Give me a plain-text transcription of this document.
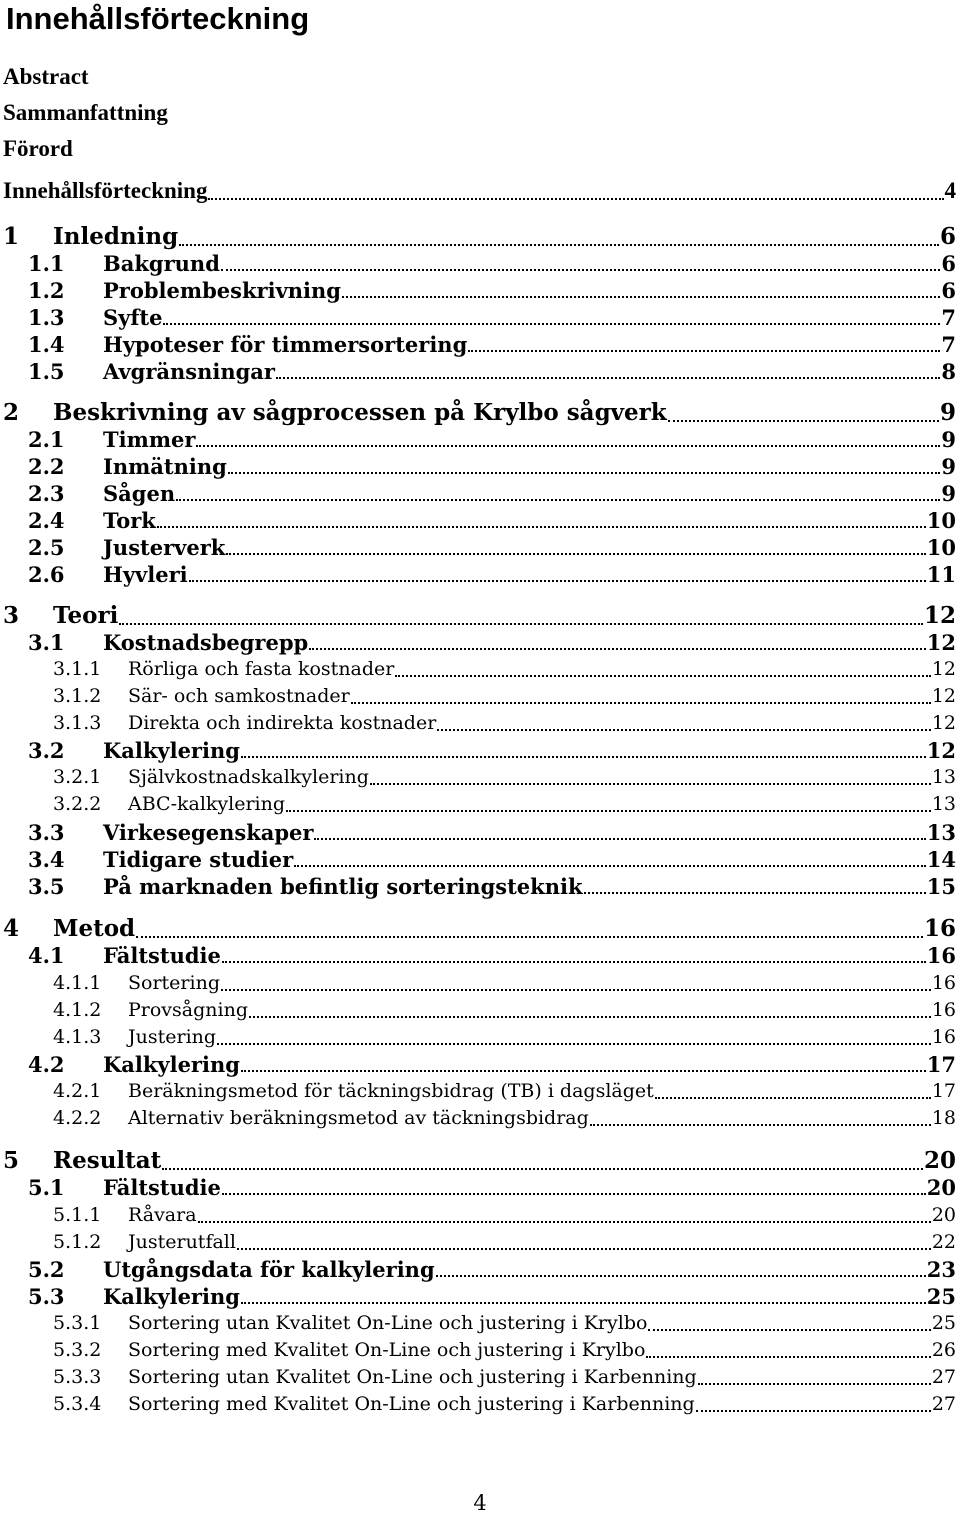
Innehållsförteckning
Abstract
Sammanfattning
Förord
Innehållsförteckning	4
1	Inledning	6
1.1	Bakgrund	6
1.2	Problembeskrivning	6
1.3	Syfte	7
1.4	Hypoteser för timmersortering	7
1.5	Avgränsningar	8
2	Beskrivning av sågprocessen på Krylbo sågverk	9
2.1	Timmer	9
2.2	Inmätning	9
2.3	Sågen	9
2.4	Tork	10
2.5	Justerverk	10
2.6	Hyvleri	11
3	Teori	12
3.1	Kostnadsbegrepp	12
3.1.1	Rörliga och fasta kostnader	12
3.1.2	Sär- och samkostnader	12
3.1.3	Direkta och indirekta kostnader	12
3.2	Kalkylering	12
3.2.1	Självkostnadskalkylering	13
3.2.2	ABC-kalkylering	13
3.3	Virkesegenskaper	13
3.4	Tidigare studier	14
3.5	På marknaden befintlig sorteringsteknik	15
4	Metod	16
4.1	Fältstudie	16
4.1.1	Sortering	16
4.1.2	Provsågning	16
4.1.3	Justering	16
4.2	Kalkylering	17
4.2.1	Beräkningsmetod för täckningsbidrag (TB) i dagsläget	17
4.2.2	Alternativ beräkningsmetod av täckningsbidrag	18
5	Resultat	20
5.1	Fältstudie	20
5.1.1	Råvara	20
5.1.2	Justerutfall	22
5.2	Utgångsdata för kalkylering	23
5.3	Kalkylering	25
5.3.1	Sortering utan Kvalitet On-Line och justering i Krylbo	25
5.3.2	Sortering med Kvalitet On-Line och justering i Krylbo	26
5.3.3	Sortering utan Kvalitet On-Line och justering i Karbenning	27
5.3.4	Sortering med Kvalitet On-Line och justering i Karbenning	27
4
